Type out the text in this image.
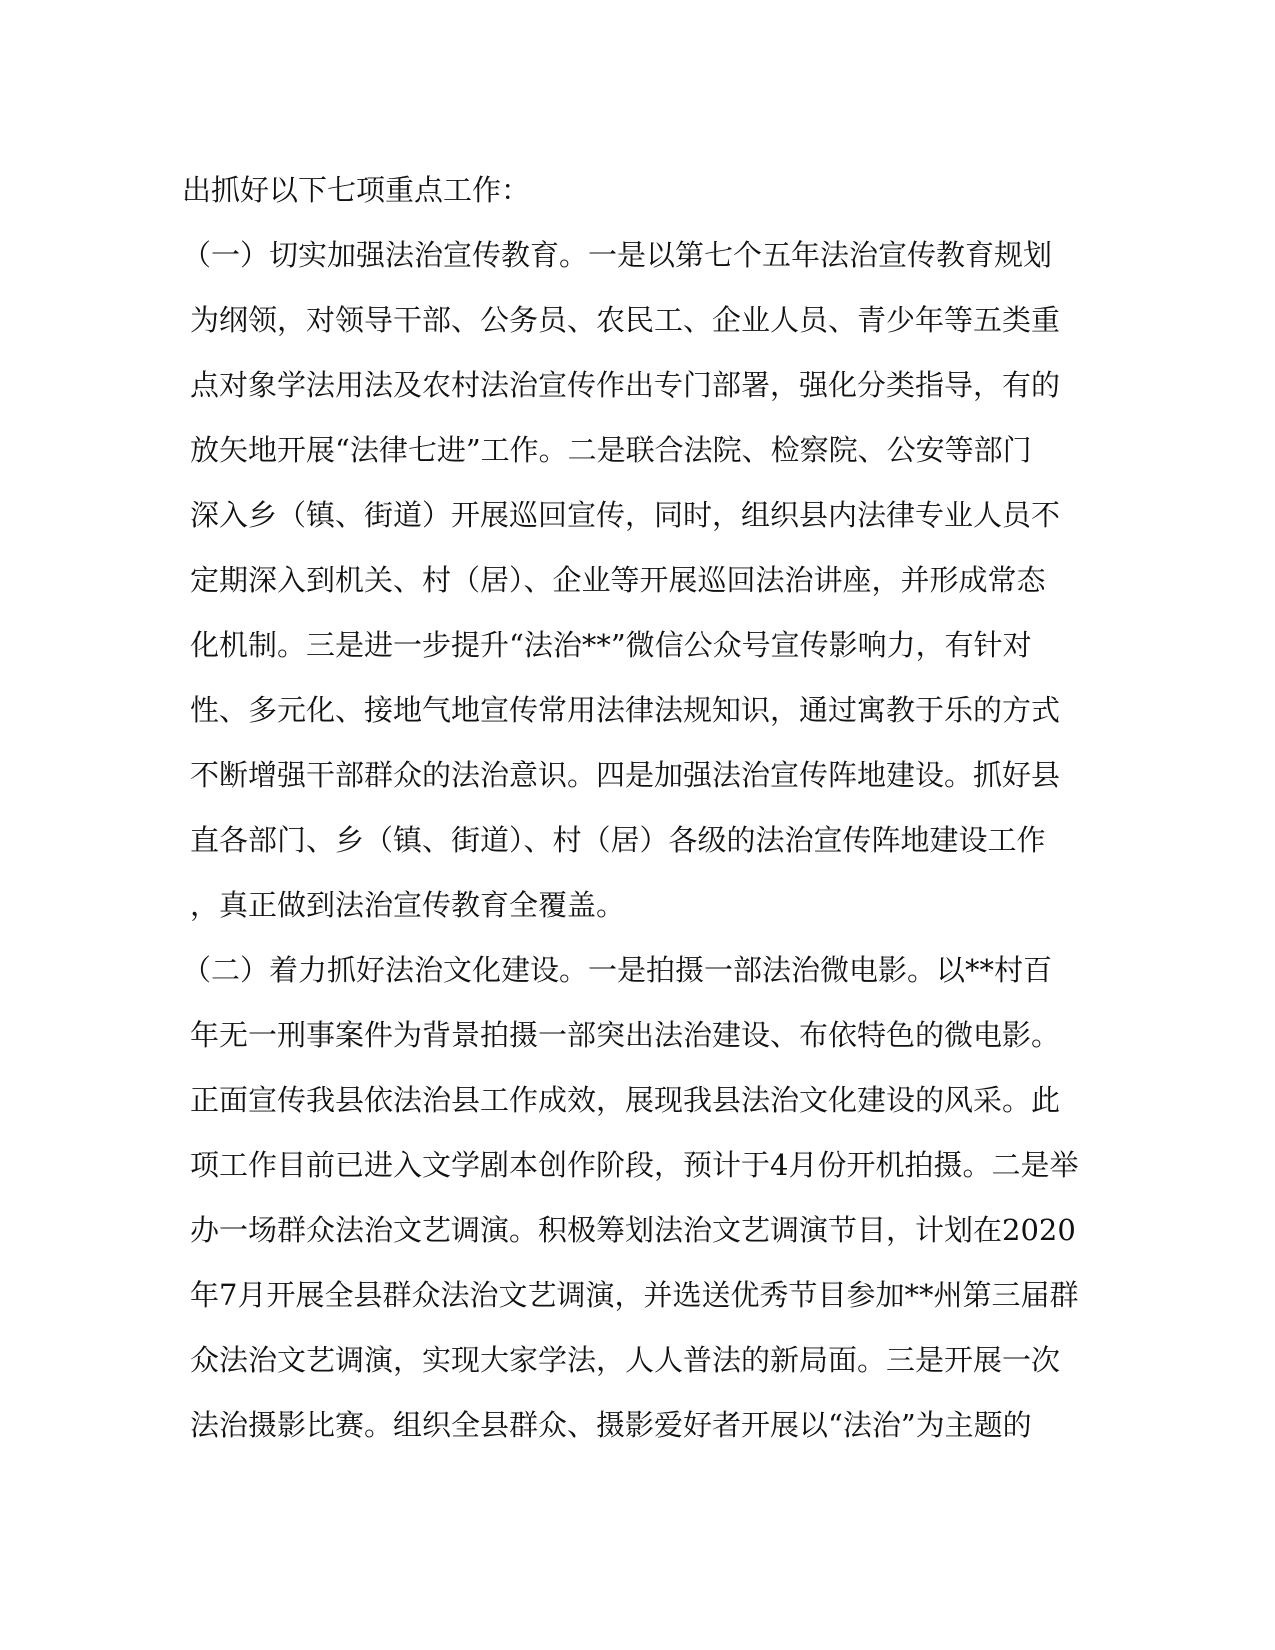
出抓好以下七项重点工作：
（一）切实加强法治宣传教育。一是以第七个五年法治宣传教育规划
为纲领，对领导干部、公务员、农民工、企业人员、青少年等五类重
点对象学法用法及农村法治宣传作出专门部署，强化分类指导，有的
放矢地开展“法律七进”工作。二是联合法院、检察院、公安等部门
深入乡（镇、街道）开展巡回宣传，同时，组织县内法律专业人员不
定期深入到机关、村（居）、企业等开展巡回法治讲座，并形成常态
化机制。三是进一步提升“法治**”微信公众号宣传影响力，有针对
性、多元化、接地气地宣传常用法律法规知识，通过寓教于乐的方式
不断增强干部群众的法治意识。四是加强法治宣传阵地建设。抓好县
直各部门、乡（镇、街道）、村（居）各级的法治宣传阵地建设工作
，真正做到法治宣传教育全覆盖。
（二）着力抓好法治文化建设。一是拍摄一部法治微电影。以**村百
年无一刑事案件为背景拍摄一部突出法治建设、布依特色的微电影。
正面宣传我县依法治县工作成效，展现我县法治文化建设的风采。此
项工作目前已进入文学剧本创作阶段，预计于4月份开机拍摄。二是举
办一场群众法治文艺调演。积极筹划法治文艺调演节目，计划在2020
年7月开展全县群众法治文艺调演，并选送优秀节目参加**州第三届群
众法治文艺调演，实现大家学法，人人普法的新局面。三是开展一次
法治摄影比赛。组织全县群众、摄影爱好者开展以“法治”为主题的
